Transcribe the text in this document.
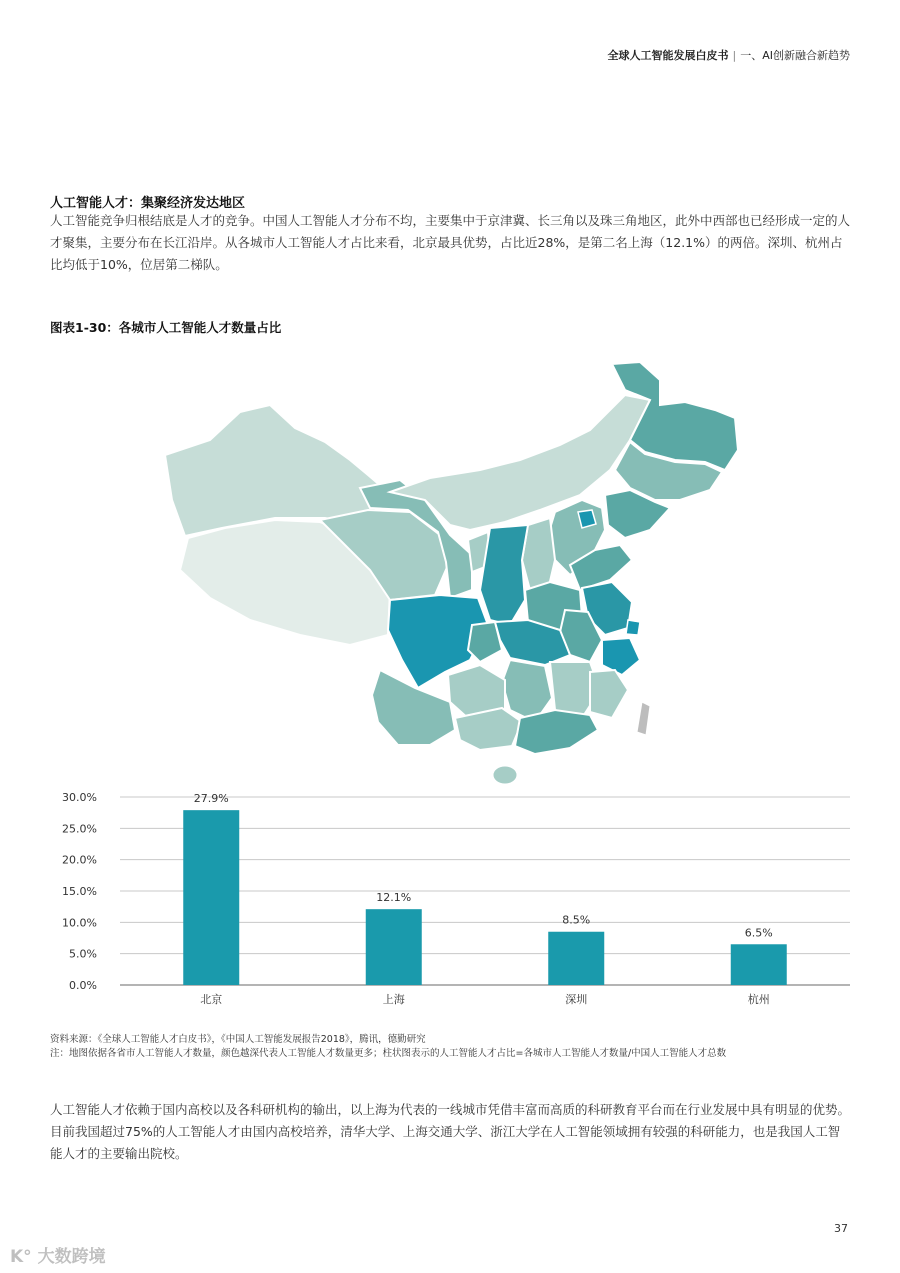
全球人工智能发展白皮书 | 一、AI创新融合新趋势
人工智能人才：集聚经济发达地区
人工智能竞争归根结底是人才的竞争。中国人工智能人才分布不均，主要集中于京津冀、长三角以及珠三角地区，此外中西部也已经形成一定的人才聚集，主要分布在长江沿岸。从各城市人工智能人才占比来看，北京最具优势，占比近28%，是第二名上海（12.1%）的两倍。深圳、杭州占比均低于10%，位居第二梯队。
图表1-30：各城市人工智能人才数量占比
0.0%
5.0%
10.0%
15.0%
20.0%
25.0%
30.0%	27.9%
12.1%
8.5%
6.5%
北京	上海	深圳	杭州
资料来源：《全球人工智能人才白皮书》，《中国人工智能发展报告2018》，腾讯，德勤研究
注：地图依据各省市人工智能人才数量，颜色越深代表人工智能人才数量更多；柱状图表示的人工智能人才占比=各城市人工智能人才数量/中国人工智能人才总数
人工智能人才依赖于国内高校以及各科研机构的输出，以上海为代表的一线城市凭借丰富而高质的科研教育平台而在行业发展中具有明显的优势。目前我国超过75%的人工智能人才由国内高校培养，清华大学、上海交通大学、浙江大学在人工智能领域拥有较强的科研能力，也是我国人工智能人才的主要输出院校。
37
K° 大数跨境
